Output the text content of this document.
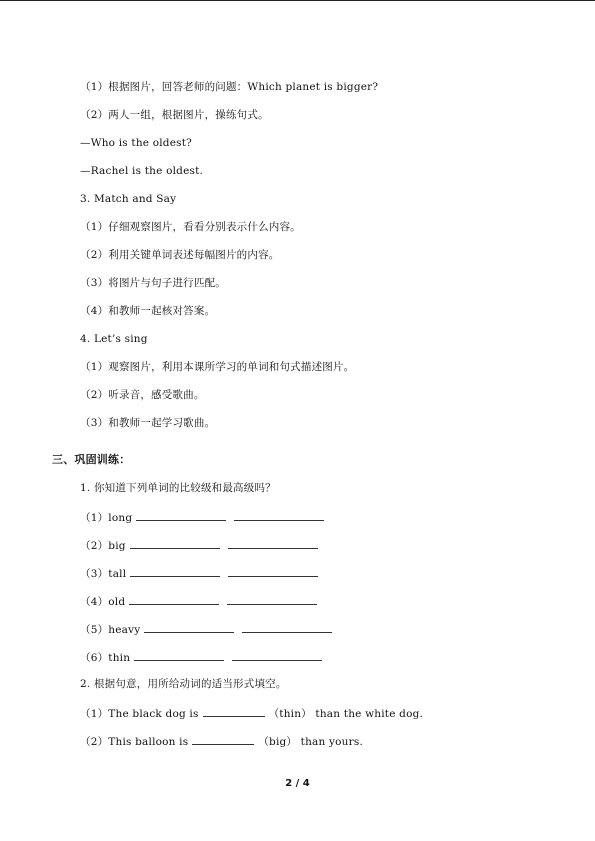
（1）根据图片，回答老师的问题：Which planet is bigger?
（2）两人一组，根据图片，操练句式。
—Who is the oldest?
—Rachel is the oldest.
3. Match and Say
（1）仔细观察图片，看看分别表示什么内容。
（2）利用关键单词表述每幅图片的内容。
（3）将图片与句子进行匹配。
（4）和教师一起核对答案。
4. Let’s sing
（1）观察图片，利用本课所学习的单词和句式描述图片。
（2）听录音，感受歌曲。
（3）和教师一起学习歌曲。
三、巩固训练：
1. 你知道下列单词的比较级和最高级吗？
（1）long
（2）big
（3）tall
（4）old
（5）heavy
（6）thin
2. 根据句意，用所给动词的适当形式填空。
（1）The black dog is	（thin） than the white dog.
（2）This balloon is	（big） than yours.
2 / 4
